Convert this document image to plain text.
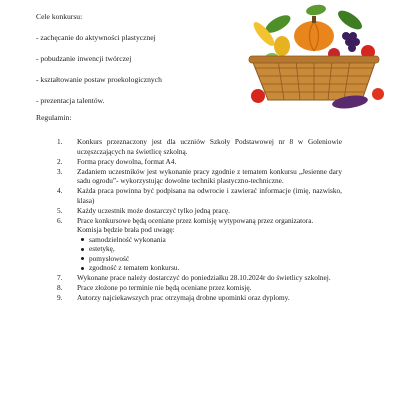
Cele konkursu:
- zachęcanie do aktywności plastycznej
- pobudzanie inwencji twórczej
- kształtowanie postaw proekologicznych
- prezentacja talentów.
Regulamin:
1. Konkurs przeznaczony jest dla uczniów Szkoły Podstawowej nr 8 w Goleniowie uczęszczających na świetlicę szkolną.
2. Forma pracy dowolna, format A4.
3. Zadaniem uczestników jest wykonanie pracy zgodnie z tematem konkursu „Jesienne dary sadu ogrodu”- wykorzystując dowolne techniki plastyczno-techniczne.
4. Każda praca powinna być podpisana na odwrocie i zawierać informacje (imię, nazwisko, klasa)
5. Każdy uczestnik może dostarczyć tylko jedną pracę.
6. Prace konkursowe będą oceniane przez komisję wytypowaną przez organizatora.
Komisja będzie brała pod uwagę:
samodzielność wykonania
estetykę,
pomysłowość
zgodność z tematem konkursu.
7. Wykonane prace należy dostarczyć do poniedziałku 28.10.2024r do świetlicy szkolnej.
8. Prace złożone po terminie nie będą oceniane przez komisję.
9. Autorzy najciekawszych prac otrzymają drobne upominki oraz dyplomy.
